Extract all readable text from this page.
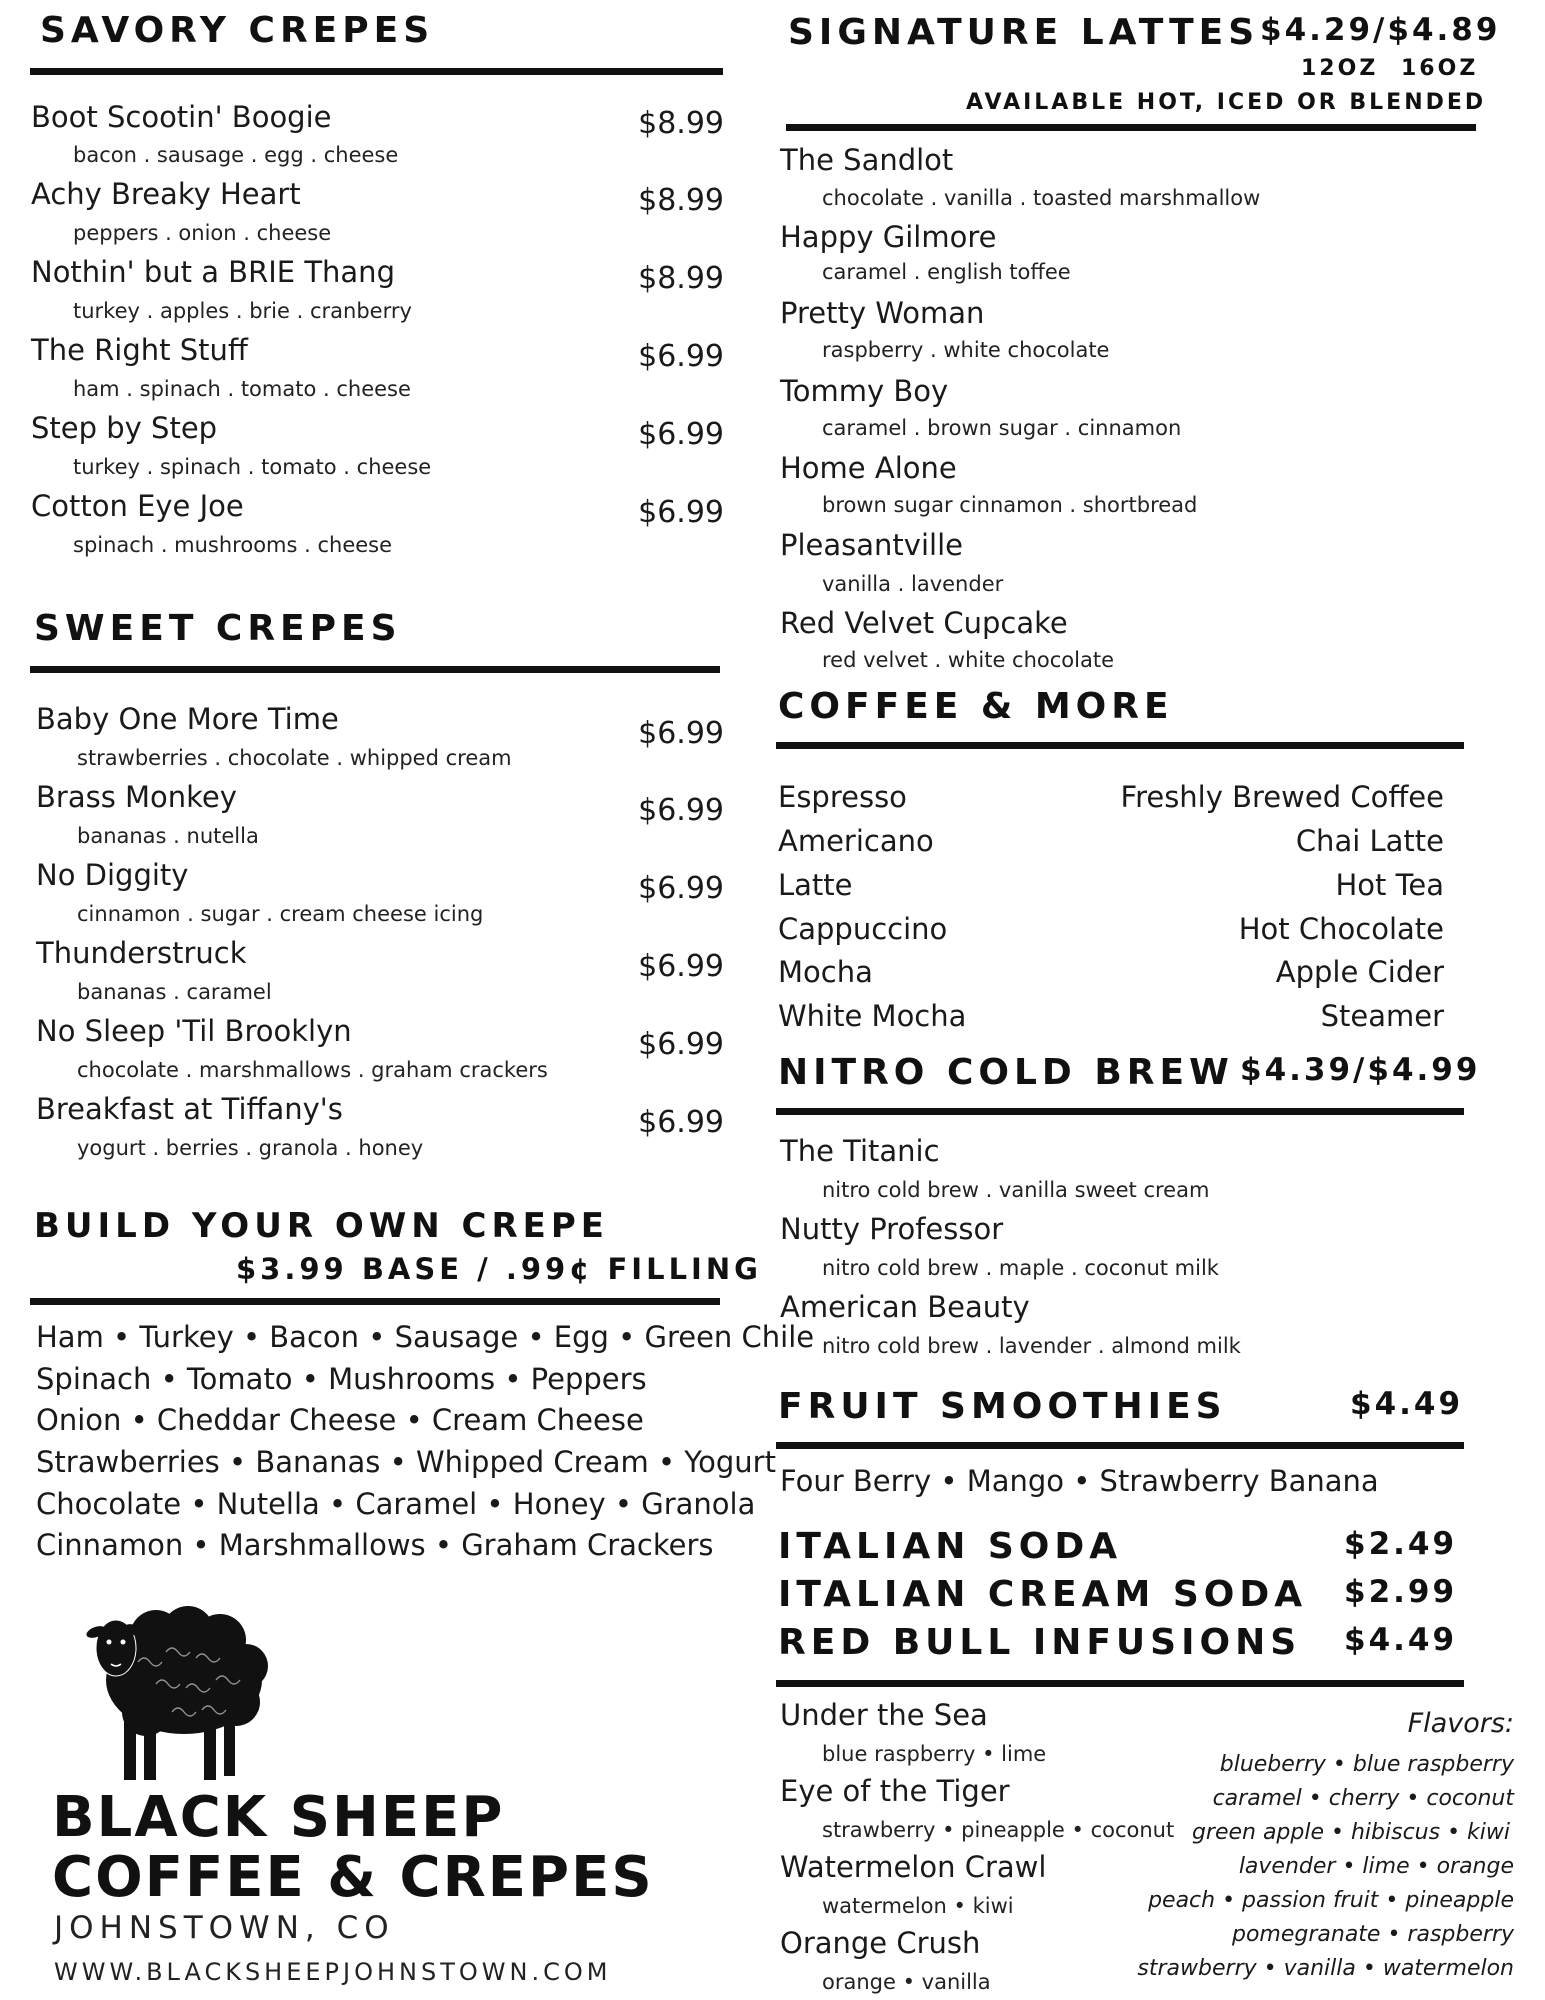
SAVORY CREPES
Boot Scootin' Boogie
bacon . sausage . egg . cheese
$8.99
Achy Breaky Heart
peppers . onion . cheese
$8.99
Nothin' but a BRIE Thang
turkey . apples . brie . cranberry
$8.99
The Right Stuff
ham . spinach . tomato . cheese
$6.99
Step by Step
turkey . spinach . tomato . cheese
$6.99
Cotton Eye Joe
spinach . mushrooms . cheese
$6.99
SWEET CREPES
Baby One More Time
strawberries . chocolate . whipped cream
$6.99
Brass Monkey
bananas . nutella
$6.99
No Diggity
cinnamon . sugar . cream cheese icing
$6.99
Thunderstruck
bananas . caramel
$6.99
No Sleep 'Til Brooklyn
chocolate . marshmallows . graham crackers
$6.99
Breakfast at Tiffany's
yogurt . berries . granola . honey
$6.99
BUILD YOUR OWN CREPE
$3.99 BASE / .99¢ FILLING
Ham • Turkey • Bacon • Sausage • Egg • Green Chile
Spinach • Tomato • Mushrooms • Peppers
Onion • Cheddar Cheese • Cream Cheese
Strawberries • Bananas • Whipped Cream • Yogurt
Chocolate • Nutella • Caramel • Honey • Granola
Cinnamon • Marshmallows • Graham Crackers
BLACK SHEEP
COFFEE & CREPES
JOHNSTOWN, CO
WWW.BLACKSHEEPJOHNSTOWN.COM
SIGNATURE LATTES $4.29/$4.89
12OZ 16OZ
AVAILABLE HOT, ICED OR BLENDED
The Sandlot
chocolate . vanilla . toasted marshmallow
Happy Gilmore
caramel . english toffee
Pretty Woman
raspberry . white chocolate
Tommy Boy
caramel . brown sugar . cinnamon
Home Alone
brown sugar cinnamon . shortbread
Pleasantville
vanilla . lavender
Red Velvet Cupcake
red velvet . white chocolate
COFFEE & MORE
Espresso
Americano
Latte
Cappuccino
Mocha
White Mocha
Freshly Brewed Coffee
Chai Latte
Hot Tea
Hot Chocolate
Apple Cider
Steamer
NITRO COLD BREW $4.39/$4.99
The Titanic
nitro cold brew . vanilla sweet cream
Nutty Professor
nitro cold brew . maple . coconut milk
American Beauty
nitro cold brew . lavender . almond milk
FRUIT SMOOTHIES	$4.49
Four Berry • Mango • Strawberry Banana
ITALIAN SODA	$2.49
ITALIAN CREAM SODA $2.99
RED BULL INFUSIONS $4.49
Under the Sea
blue raspberry • lime
Eye of the Tiger
strawberry • pineapple • coconut
Watermelon Crawl
watermelon • kiwi
Orange Crush
orange • vanilla
Flavors:
blueberry • blue raspberry
caramel • cherry • coconut
green apple • hibiscus • kiwi
lavender • lime • orange
peach • passion fruit • pineapple
pomegranate • raspberry
strawberry • vanilla • watermelon
